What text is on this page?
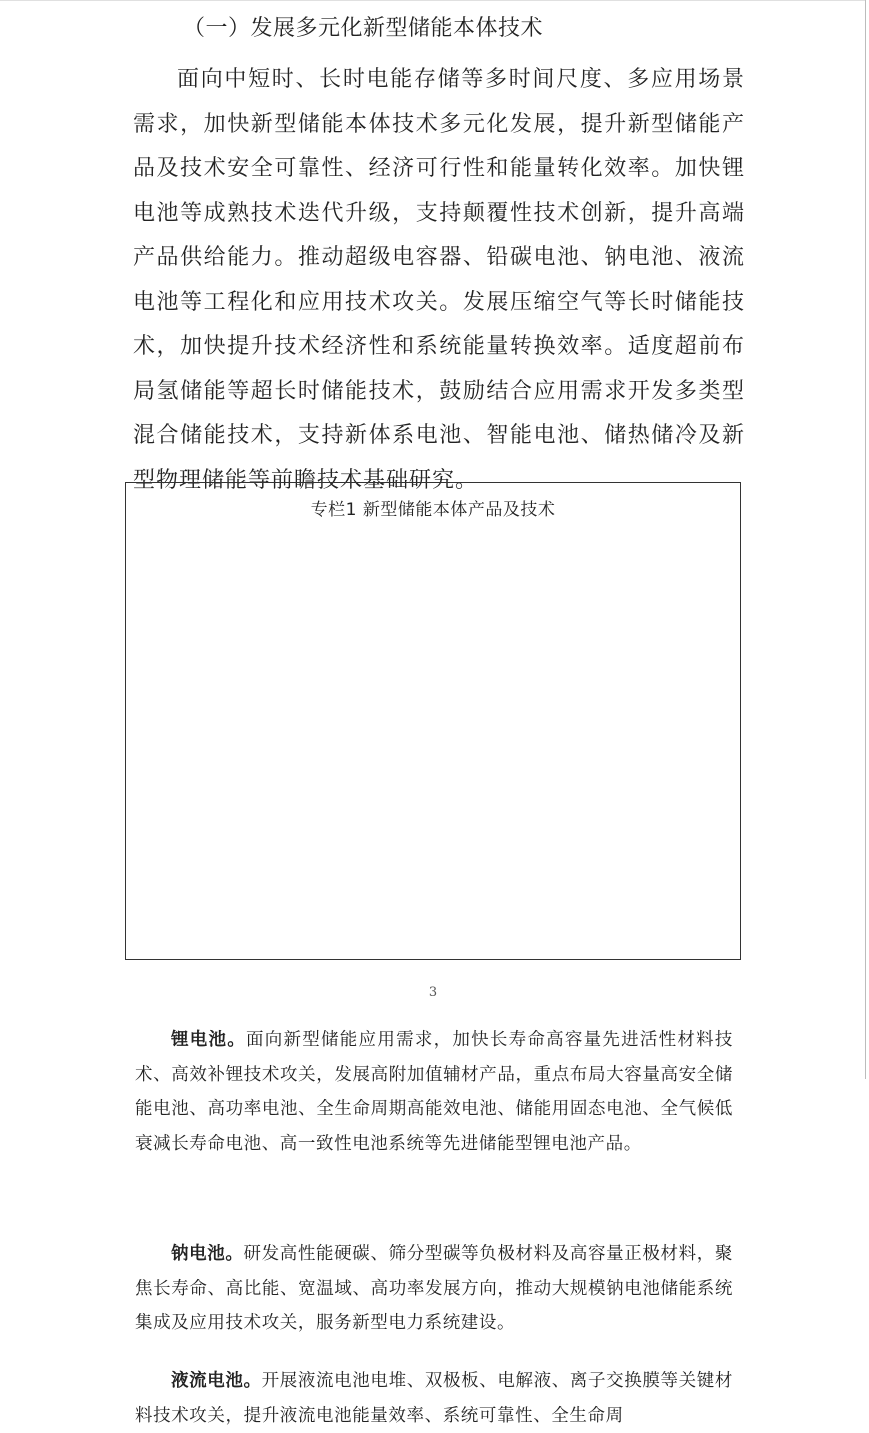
（一）发展多元化新型储能本体技术

面向中短时、长时电能存储等多时间尺度、多应用场景需求，加快新型储能本体技术多元化发展，提升新型储能产品及技术安全可靠性、经济可行性和能量转化效率。加快锂电池等成熟技术迭代升级，支持颠覆性技术创新，提升高端产品供给能力。推动超级电容器、铅碳电池、钠电池、液流电池等工程化和应用技术攻关。发展压缩空气等长时储能技术，加快提升技术经济性和系统能量转换效率。适度超前布局氢储能等超长时储能技术，鼓励结合应用需求开发多类型混合储能技术，支持新体系电池、智能电池、储热储冷及新型物理储能等前瞻技术基础研究。

专栏1 新型储能本体产品及技术

锂电池。面向新型储能应用需求，加快长寿命高容量先进活性材料技术、高效补锂技术攻关，发展高附加值辅材产品，重点布局大容量高安全储能电池、高功率电池、全生命周期高能效电池、储能用固态电池、全气候低衰减长寿命电池、高一致性电池系统等先进储能型锂电池产品。

钠电池。研发高性能硬碳、筛分型碳等负极材料及高容量正极材料，聚焦长寿命、高比能、宽温域、高功率发展方向，推动大规模钠电池储能系统集成及应用技术攻关，服务新型电力系统建设。

液流电池。开展液流电池电堆、双极板、电解液、离子交换膜等关键材料技术攻关，提升液流电池能量效率、系统可靠性、全生命周

3
